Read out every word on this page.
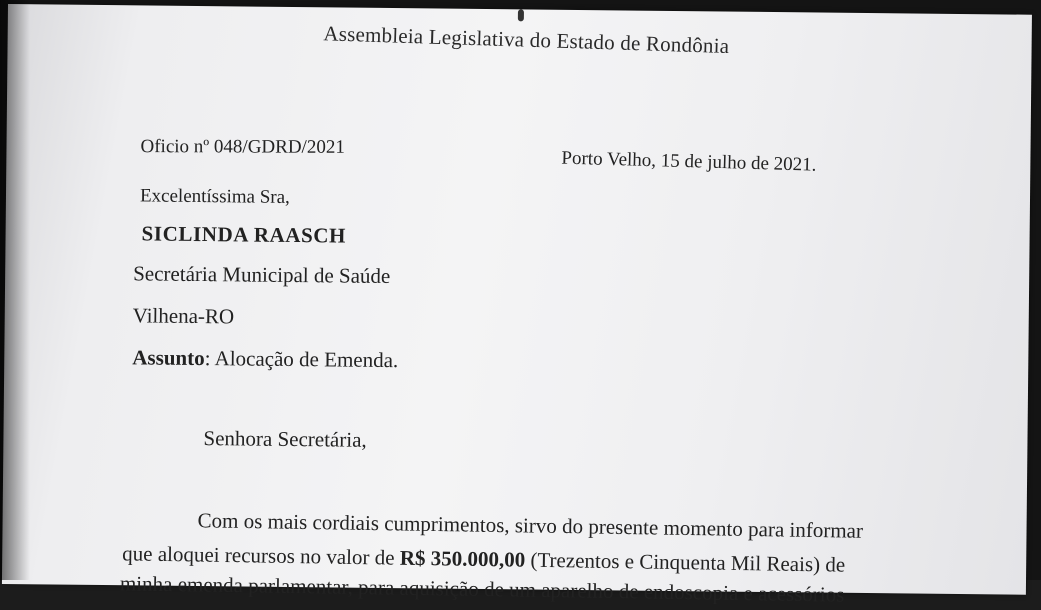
Assembleia Legislativa do Estado de Rondônia
Oficio nº 048/GDRD/2021
Porto Velho, 15 de julho de 2021.
Excelentíssima Sra,
SICLINDA RAASCH
Secretária Municipal de Saúde
Vilhena-RO
Assunto: Alocação de Emenda.
Senhora Secretária,
Com os mais cordiais cumprimentos, sirvo do presente momento para informar
que aloquei recursos no valor de R$ 350.000,00 (Trezentos e Cinquenta Mil Reais) de
minha emenda parlamentar, para aquisição de um aparelho de endoscopia e acessórios
